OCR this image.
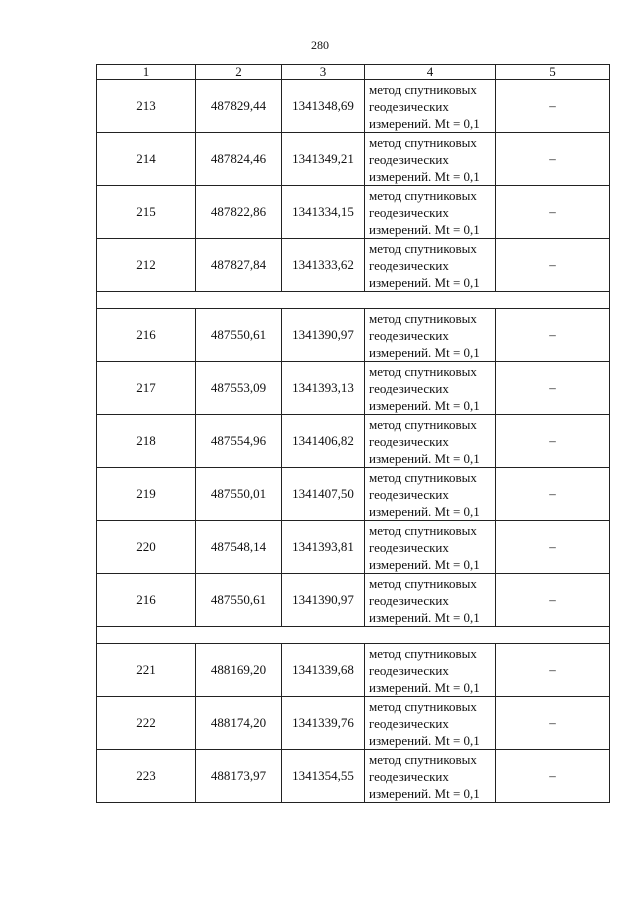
280
1	2	3	4	5
213	487829,44	1341348,69	метод спутниковых
геодезических
измерений. Mt = 0,1	–
214	487824,46	1341349,21	метод спутниковых
геодезических
измерений. Mt = 0,1	–
215	487822,86	1341334,15	метод спутниковых
геодезических
измерений. Mt = 0,1	–
212	487827,84	1341333,62	метод спутниковых
геодезических
измерений. Mt = 0,1	–

216	487550,61	1341390,97	метод спутниковых
геодезических
измерений. Mt = 0,1	–
217	487553,09	1341393,13	метод спутниковых
геодезических
измерений. Mt = 0,1	–
218	487554,96	1341406,82	метод спутниковых
геодезических
измерений. Mt = 0,1	–
219	487550,01	1341407,50	метод спутниковых
геодезических
измерений. Mt = 0,1	–
220	487548,14	1341393,81	метод спутниковых
геодезических
измерений. Mt = 0,1	–
216	487550,61	1341390,97	метод спутниковых
геодезических
измерений. Mt = 0,1	–

221	488169,20	1341339,68	метод спутниковых
геодезических
измерений. Mt = 0,1	–
222	488174,20	1341339,76	метод спутниковых
геодезических
измерений. Mt = 0,1	–
223	488173,97	1341354,55	метод спутниковых
геодезических
измерений. Mt = 0,1	–
